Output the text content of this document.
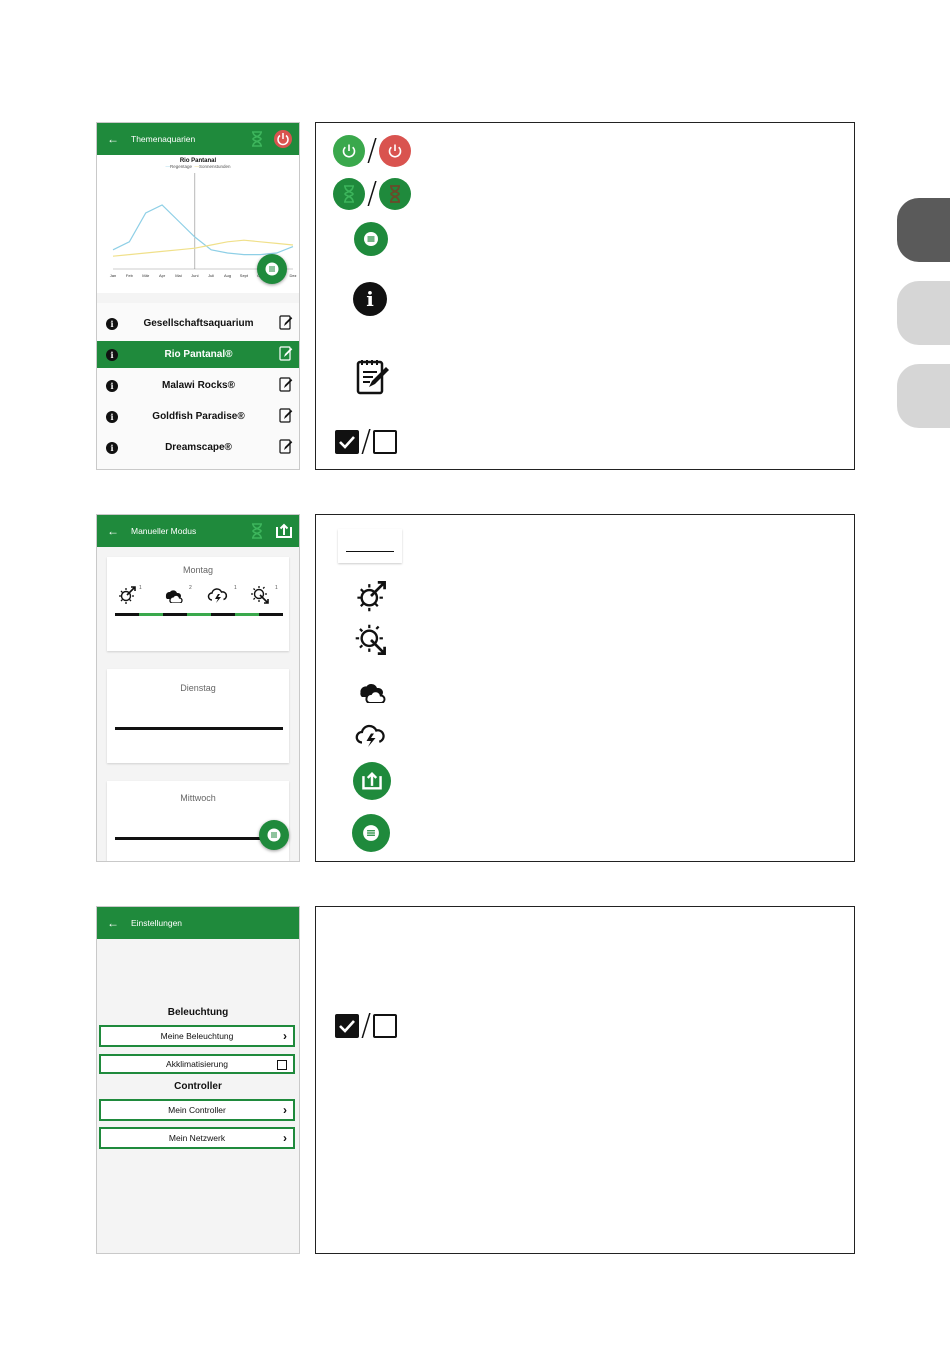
←	Themenaquarien
Rio Pantanal
—Regentage —Sonnenstunden
Jan Feb Mär Apr	Mai Juni Juli Aug Sept	Dez
i	Gesellschaftsaquarium
i	Rio Pantanal®
i	Malawi Rocks®
i	Goldfish Paradise®
i	Dreamscape®
/
/
i
/
←	Manueller Modus
Montag
1	2	1	1
Dienstag
Mittwoch
←	Einstellungen
Beleuchtung
Meine Beleuchtung	›
Akklimatisierung
Controller
Mein Controller	›
Mein Netzwerk	›
/
